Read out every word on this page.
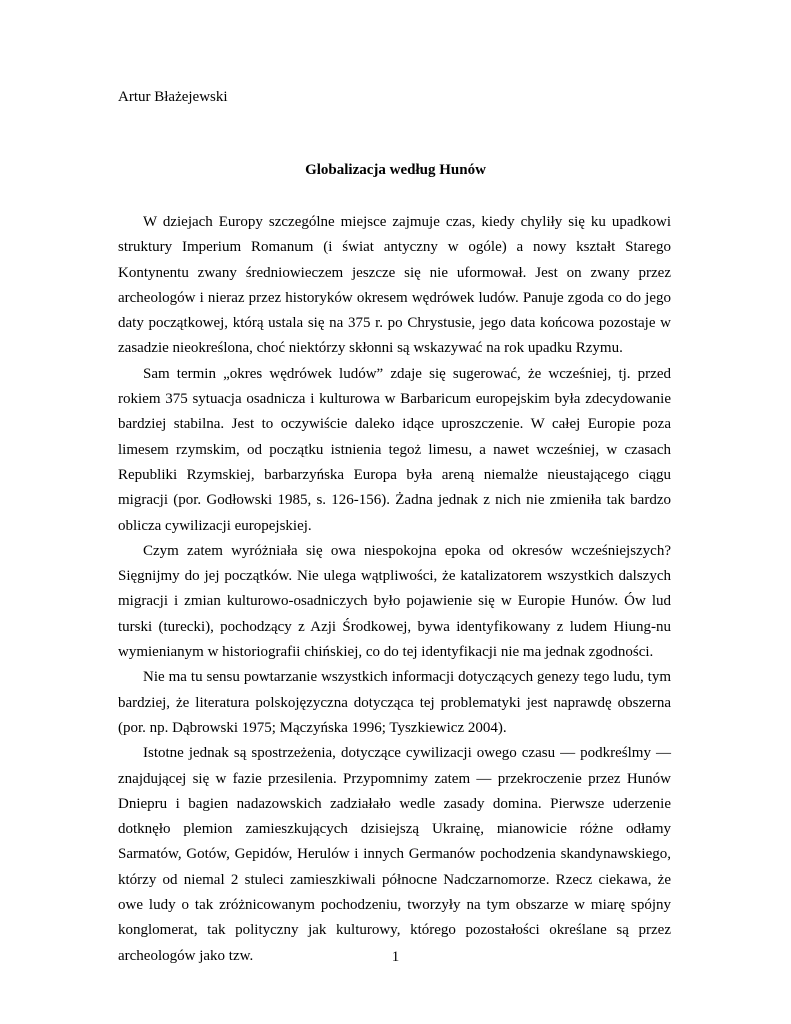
Artur Błażejewski
Globalizacja według Hunów

W dziejach Europy szczególne miejsce zajmuje czas, kiedy chyliły się ku upadkowi struktury Imperium Romanum (i świat antyczny w ogóle) a nowy kształt Starego Kontynentu zwany średniowieczem jeszcze się nie uformował. Jest on zwany przez archeologów i nieraz przez historyków okresem wędrówek ludów. Panuje zgoda co do jego daty początkowej, którą ustala się na 375 r. po Chrystusie, jego data końcowa pozostaje w zasadzie nieokreślona, choć niektórzy skłonni są wskazywać na rok upadku Rzymu.

Sam termin „okres wędrówek ludów” zdaje się sugerować, że wcześniej, tj. przed rokiem 375 sytuacja osadnicza i kulturowa w Barbaricum europejskim była zdecydowanie bardziej stabilna. Jest to oczywiście daleko idące uproszczenie. W całej Europie poza limesem rzymskim, od początku istnienia tegoż limesu, a nawet wcześniej, w czasach Republiki Rzymskiej, barbarzyńska Europa była areną niemalże nieustającego ciągu migracji (por. Godłowski 1985, s. 126-156). Żadna jednak z nich nie zmieniła tak bardzo oblicza cywilizacji europejskiej.

Czym zatem wyróżniała się owa niespokojna epoka od okresów wcześniejszych? Sięgnijmy do jej początków. Nie ulega wątpliwości, że katalizatorem wszystkich dalszych migracji i zmian kulturowo-osadniczych było pojawienie się w Europie Hunów. Ów lud turski (turecki), pochodzący z Azji Środkowej, bywa identyfikowany z ludem Hiung-nu wymienianym w historiografii chińskiej, co do tej identyfikacji nie ma jednak zgodności.

Nie ma tu sensu powtarzanie wszystkich informacji dotyczących genezy tego ludu, tym bardziej, że literatura polskojęzyczna dotycząca tej problematyki jest naprawdę obszerna (por. np. Dąbrowski 1975; Mączyńska 1996; Tyszkiewicz 2004).

Istotne jednak są spostrzeżenia, dotyczące cywilizacji owego czasu — podkreślmy — znajdującej się w fazie przesilenia. Przypomnimy zatem — przekroczenie przez Hunów Dniepru i bagien nadazowskich zadziałało wedle zasady domina. Pierwsze uderzenie dotknęło plemion zamieszkujących dzisiejszą Ukrainę, mianowicie różne odłamy Sarmatów, Gotów, Gepidów, Herulów i innych Germanów pochodzenia skandynawskiego, którzy od niemal 2 stuleci zamieszkiwali północne Nadczarnomorze. Rzecz ciekawa, że owe ludy o tak zróżnicowanym pochodzeniu, tworzyły na tym obszarze w miarę spójny konglomerat, tak polityczny jak kulturowy, którego pozostałości określane są przez archeologów jako tzw.	1
